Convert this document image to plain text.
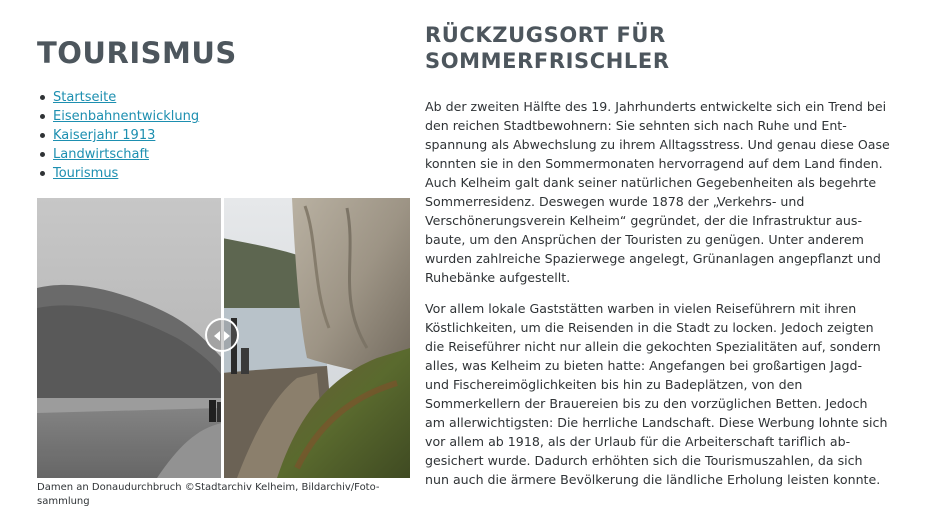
TOURISMUS
Startseite
Eisenbahnentwicklung
Kaiserjahr 1913
Landwirtschaft
Tourismus
Damen an Donaudurchbruch ©Stadtarchiv Kelheim, Bildarchiv/Foto-sammlung
RÜCKZUGSORT FÜR
SOMMERFRISCHLER

Ab der zweiten Hälfte des 19. Jahrhunderts entwickelte sich ein Trend bei den reichen Stadtbewohnern: Sie sehnten sich nach Ruhe und Entspannung als Abwechslung zu ihrem Alltagsstress. Und genau diese Oase konnten sie in den Sommermonaten hervorragend auf dem Land finden. Auch Kelheim galt dank seiner natürlichen Gegebenheiten als begehrte Sommerresidenz. Deswegen wurde 1878 der „Verkehrs- und Verschönerungsverein Kelheim“ gegründet, der die Infrastruktur ausbaute, um den Ansprüchen der Touristen zu genügen. Unter anderem wurden zahlreiche Spazierwege angelegt, Grünanlagen angepflanzt und Ruhebänke aufgestellt.

Vor allem lokale Gaststätten warben in vielen Reiseführern mit ihren Köstlichkeiten, um die Reisenden in die Stadt zu locken. Jedoch zeigten die Reiseführer nicht nur allein die gekochten Spezialitäten auf, sondern alles, was Kelheim zu bieten hatte: Angefangen bei großartigen Jagd- und Fischereimöglichkeiten bis hin zu Badeplätzen, von den Sommerkellern der Brauereien bis zu den vorzüglichen Betten. Jedoch am allerwichtigsten: Die herrliche Landschaft. Diese Werbung lohnte sich vor allem ab 1918, als der Urlaub für die Arbeiterschaft tariflich abgesichert wurde. Dadurch erhöhten sich die Tourismuszahlen, da sich nun auch die ärmere Bevölkerung die ländliche Erholung leisten konnte.
